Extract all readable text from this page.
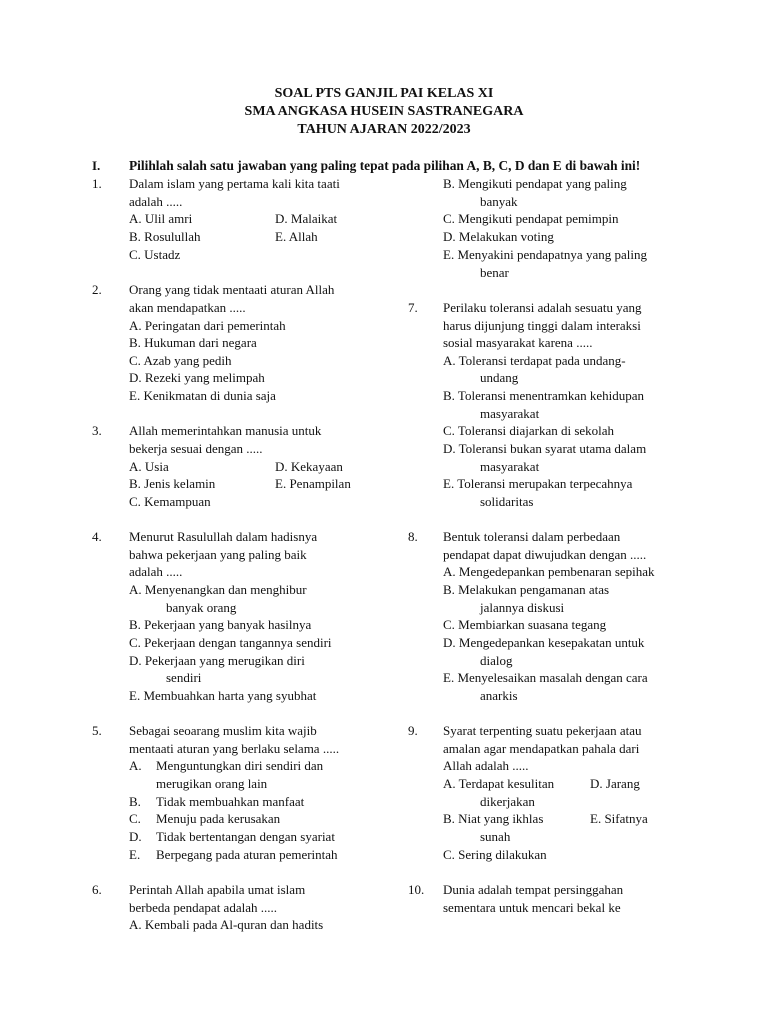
SOAL PTS GANJIL PAI KELAS XI
SMA ANGKASA HUSEIN SASTRANEGARA
TAHUN AJARAN 2022/2023
I. Pilihlah salah satu jawaban yang paling tepat pada pilihan A, B, C, D dan E di bawah ini!
1. Dalam islam yang pertama kali kita taati
adalah .....
A. Ulil amri	D. Malaikat
B. Rosulullah	E. Allah
C. Ustadz
2. Orang yang tidak mentaati aturan Allah
akan mendapatkan .....
A. Peringatan dari pemerintah
B. Hukuman dari negara
C. Azab yang pedih
D. Rezeki yang melimpah
E. Kenikmatan di dunia saja
3. Allah memerintahkan manusia untuk
bekerja sesuai dengan .....
A. Usia	D. Kekayaan
B. Jenis kelamin	E. Penampilan
C. Kemampuan
4. Menurut Rasulullah dalam hadisnya
bahwa pekerjaan yang paling baik
adalah .....
A. Menyenangkan dan menghibur
banyak orang
B. Pekerjaan yang banyak hasilnya
C. Pekerjaan dengan tangannya sendiri
D. Pekerjaan yang merugikan diri
sendiri
E. Membuahkan harta yang syubhat
5. Sebagai seoarang muslim kita wajib
mentaati aturan yang berlaku selama .....
A. Menguntungkan diri sendiri dan
merugikan orang lain
B. Tidak membuahkan manfaat
C. Menuju pada kerusakan
D. Tidak bertentangan dengan syariat
E. Berpegang pada aturan pemerintah
6. Perintah Allah apabila umat islam
berbeda pendapat adalah .....
A. Kembali pada Al-quran dan hadits
B. Mengikuti pendapat yang paling
banyak
C. Mengikuti pendapat pemimpin
D. Melakukan voting
E. Menyakini pendapatnya yang paling
benar
7. Perilaku toleransi adalah sesuatu yang
harus dijunjung tinggi dalam interaksi
sosial masyarakat karena .....
A. Toleransi terdapat pada undang-
undang
B. Toleransi menentramkan kehidupan
masyarakat
C. Toleransi diajarkan di sekolah
D. Toleransi bukan syarat utama dalam
masyarakat
E. Toleransi merupakan terpecahnya
solidaritas
8. Bentuk toleransi dalam perbedaan
pendapat dapat diwujudkan dengan .....
A. Mengedepankan pembenaran sepihak
B. Melakukan pengamanan atas
jalannya diskusi
C. Membiarkan suasana tegang
D. Mengedepankan kesepakatan untuk
dialog
E. Menyelesaikan masalah dengan cara
anarkis
9. Syarat terpenting suatu pekerjaan atau
amalan agar mendapatkan pahala dari
Allah adalah .....
A. Terdapat kesulitan	D. Jarang
dikerjakan
B. Niat yang ikhlas	E. Sifatnya
sunah
C. Sering dilakukan
10. Dunia adalah tempat persinggahan
sementara untuk mencari bekal ke
